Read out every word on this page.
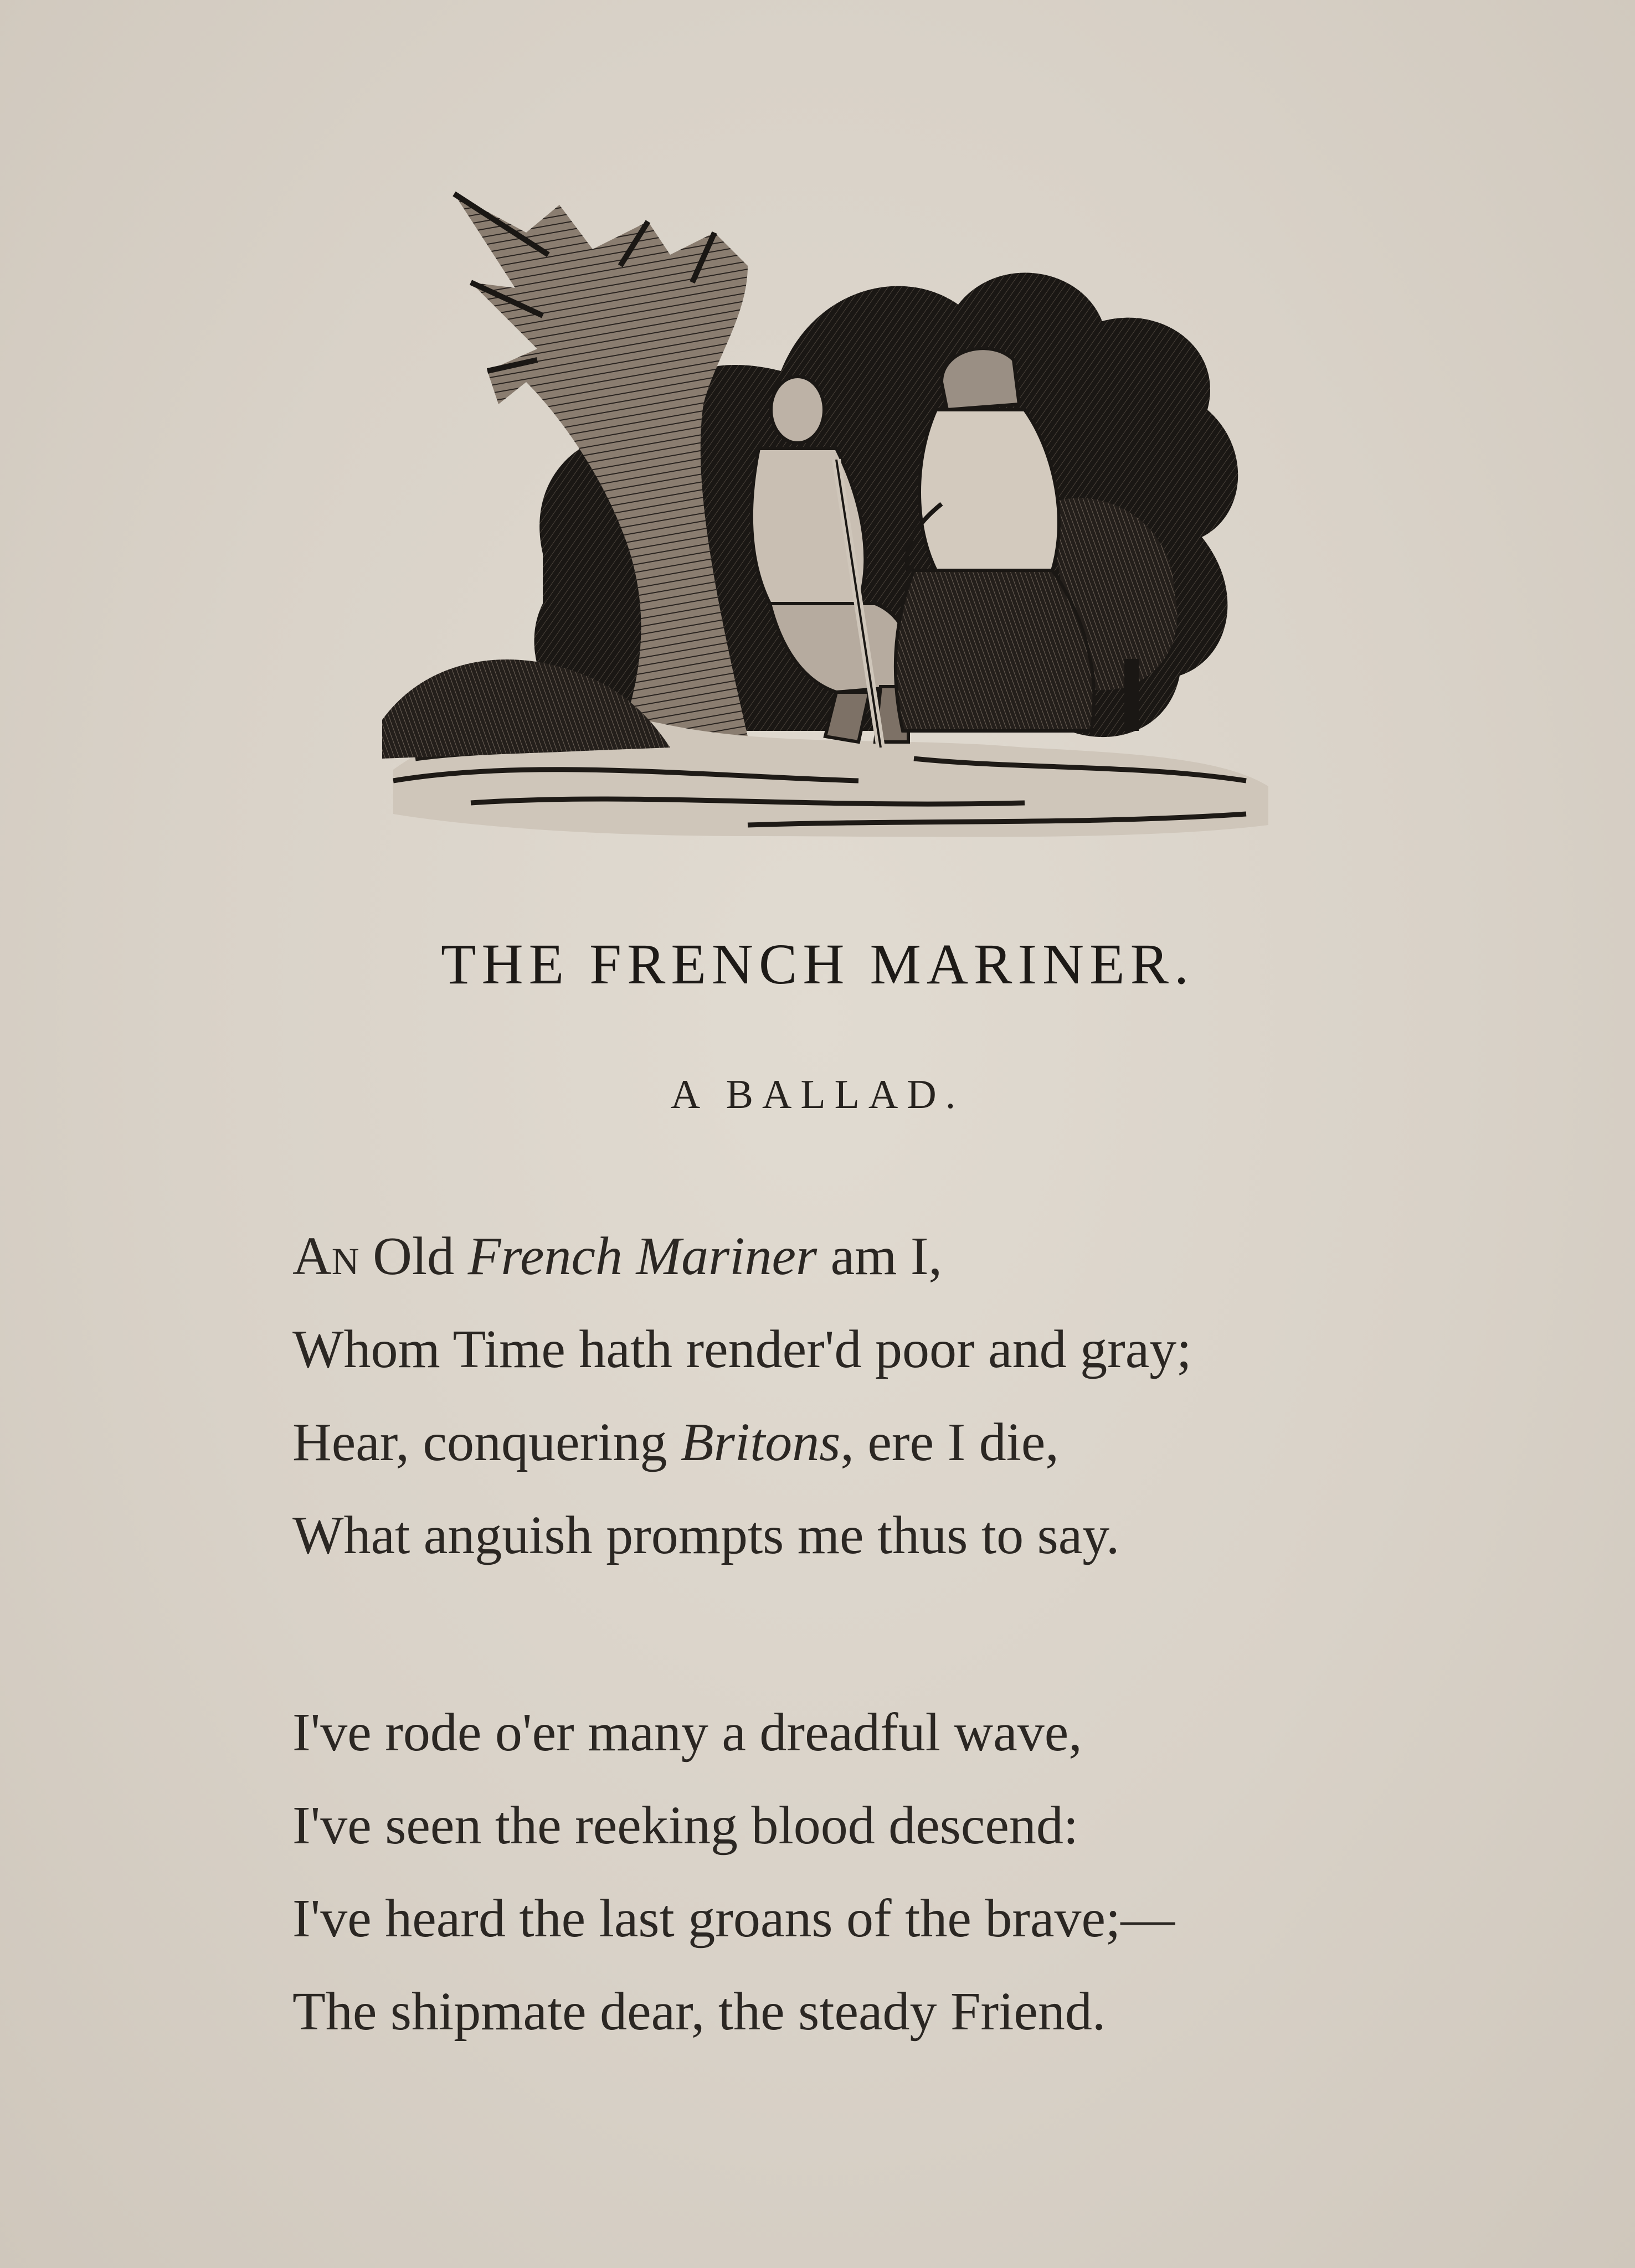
THE FRENCH MARINER.
A BALLAD.
An Old French Mariner am I,
Whom Time hath render'd poor and gray;
Hear, conquering Britons, ere I die,
What anguish prompts me thus to say.
I've rode o'er many a dreadful wave,
I've seen the reeking blood descend:
I've heard the last groans of the brave;—
The shipmate dear, the steady Friend.
